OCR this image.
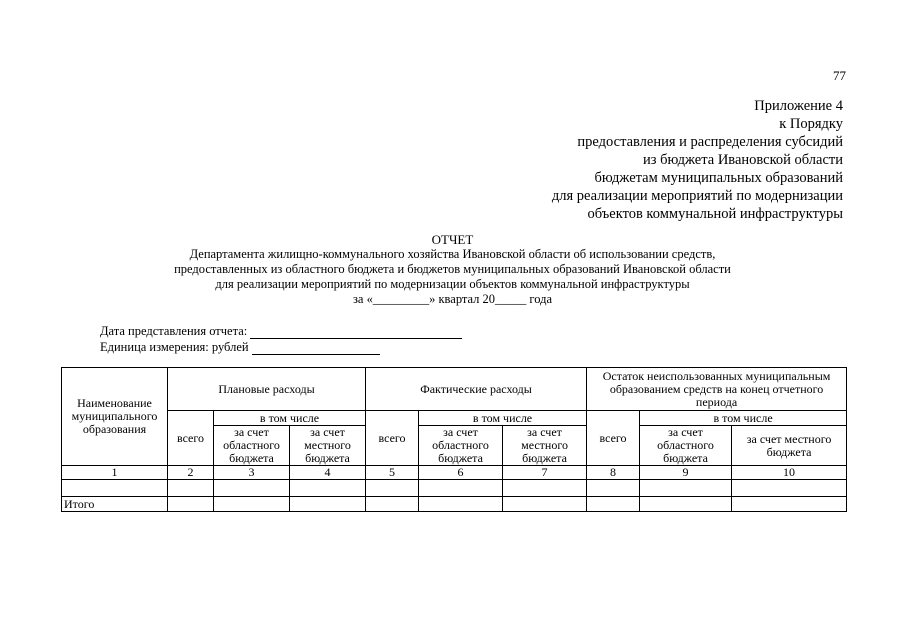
77
Приложение 4
к Порядку
предоставления и распределения субсидий
из бюджета Ивановской области
бюджетам муниципальных образований
для реализации мероприятий по модернизации
объектов коммунальной инфраструктуры
ОТЧЕТ
Департамента жилищно-коммунального хозяйства Ивановской области об использовании средств,
предоставленных из областного бюджета и бюджетов муниципальных образований Ивановской области
для реализации мероприятий по модернизации объектов коммунальной инфраструктуры
за «_________» квартал 20_____ года
Дата представления отчета:
Единица измерения: рублей
Наименование муниципального образования	Плановые расходы			Фактические расходы			Остаток неиспользованных муниципальным образованием средств на конец отчетного периода		
	всего	в том числе		всего	в том числе		всего	в том числе	
		за счет областного бюджета	за счет местного бюджета		за счет областного бюджета	за счет местного бюджета		за счет областного бюджета	за счет местного бюджета
1	2	3	4	5	6	7	8	9	10

Итого									
